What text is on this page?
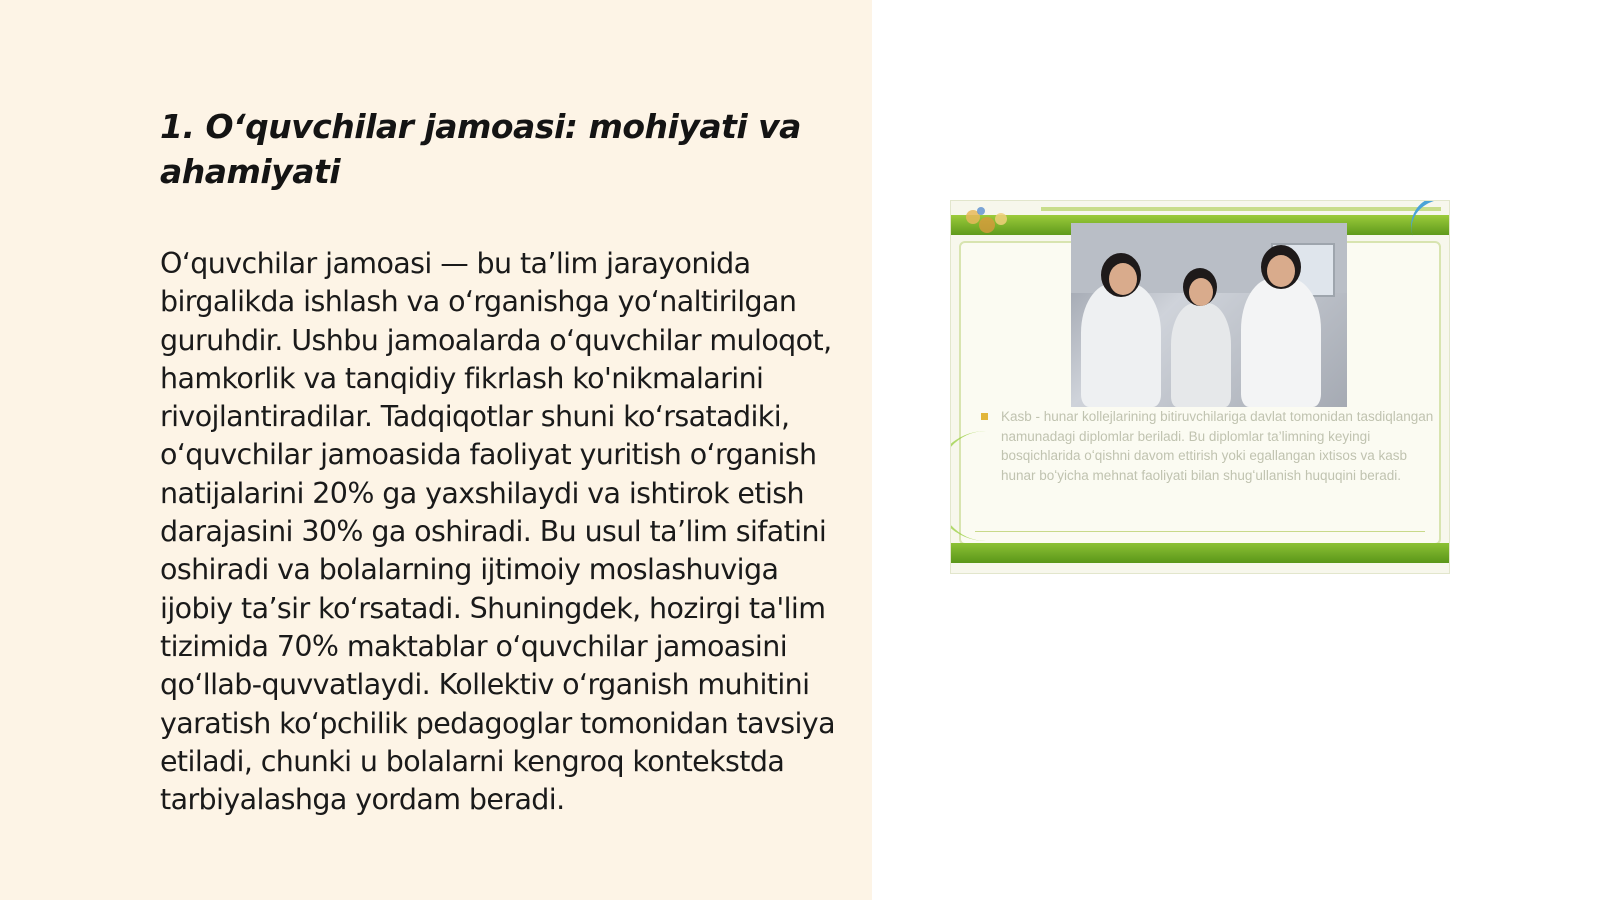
1. Oʻquvchilar jamoasi: mohiyati va ahamiyati

Oʻquvchilar jamoasi — bu ta’lim jarayonida birgalikda ishlash va oʻrganishga yoʻnaltirilgan guruhdir. Ushbu jamoalarda oʻquvchilar muloqot, hamkorlik va tanqidiy fikrlash ko'nikmalarini rivojlantiradilar. Tadqiqotlar shuni koʻrsatadiki, oʻquvchilar jamoasida faoliyat yuritish oʻrganish natijalarini 20% ga yaxshilaydi va ishtirok etish darajasini 30% ga oshiradi. Bu usul ta’lim sifatini oshiradi va bolalarning ijtimoiy moslashuviga ijobiy ta’sir koʻrsatadi. Shuningdek, hozirgi ta'lim tizimida 70% maktablar oʻquvchilar jamoasini qoʻllab-quvvatlaydi. Kollektiv oʻrganish muhitini yaratish koʻpchilik pedagoglar tomonidan tavsiya etiladi, chunki u bolalarni kengroq kontekstda tarbiyalashga yordam beradi.

Kasb - hunar kollejlarining bitiruvchilariga davlat tomonidan tasdiqlangan namunadagi diplomlar beriladi. Bu diplomlar ta’limning keyingi bosqichlarida oʻqishni davom ettirish yoki egallangan ixtisos va kasb hunar boʻyicha mehnat faoliyati bilan shugʻullanish huquqini beradi.
